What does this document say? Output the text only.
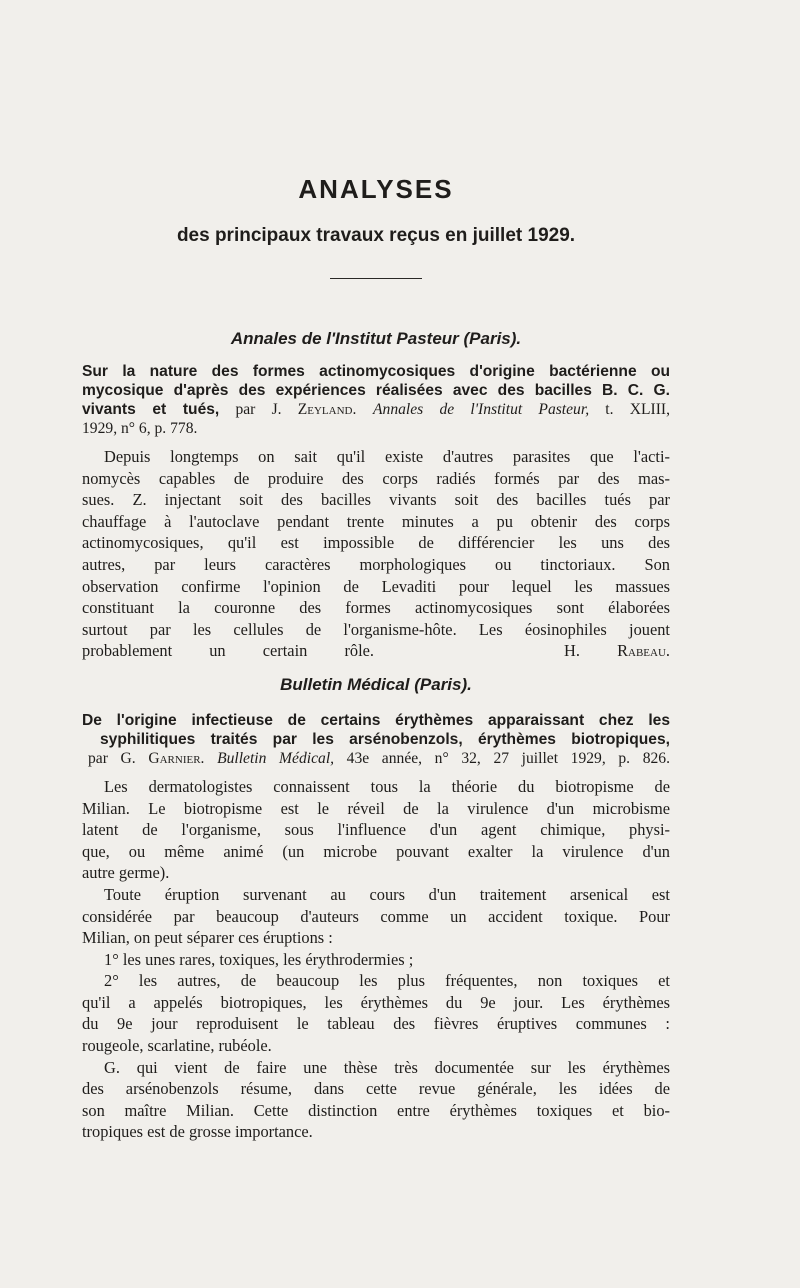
ANALYSES
des principaux travaux reçus en juillet 1929.
Annales de l'Institut Pasteur (Paris).
Sur la nature des formes actinomycosiques d'origine bactérienne ou
mycosique d'après des expériences réalisées avec des bacilles B. C. G.
vivants et tués, par J. Zeyland. Annales de l'Institut Pasteur, t. XLIII,
1929, n° 6, p. 778.

Depuis longtemps on sait qu'il existe d'autres parasites que l'acti-
nomycès capables de produire des corps radiés formés par des mas-
sues. Z. injectant soit des bacilles vivants soit des bacilles tués par
chauffage à l'autoclave pendant trente minutes a pu obtenir des corps
actinomycosiques, qu'il est impossible de différencier les uns des
autres, par leurs caractères morphologiques ou tinctoriaux. Son
observation confirme l'opinion de Levaditi pour lequel les massues
constituant la couronne des formes actinomycosiques sont élaborées
surtout par les cellules de l'organisme-hôte. Les éosinophiles jouent
probablement un certain rôle.	H. Rabeau.

Bulletin Médical (Paris).
De l'origine infectieuse de certains érythèmes apparaissant chez les
syphilitiques traités par les arsénobenzols, érythèmes biotropiques,
par G. Garnier. Bulletin Médical, 43e année, n° 32, 27 juillet 1929, p. 826.

Les dermatologistes connaissent tous la théorie du biotropisme de
Milian. Le biotropisme est le réveil de la virulence d'un microbisme
latent de l'organisme, sous l'influence d'un agent chimique, physi-
que, ou même animé (un microbe pouvant exalter la virulence d'un
autre germe).

Toute éruption survenant au cours d'un traitement arsenical est
considérée par beaucoup d'auteurs comme un accident toxique. Pour
Milian, on peut séparer ces éruptions :

1° les unes rares, toxiques, les érythrodermies ;

2° les autres, de beaucoup les plus fréquentes, non toxiques et
qu'il a appelés biotropiques, les érythèmes du 9e jour. Les érythèmes
du 9e jour reproduisent le tableau des fièvres éruptives communes :
rougeole, scarlatine, rubéole.

G. qui vient de faire une thèse très documentée sur les érythèmes
des arsénobenzols résume, dans cette revue générale, les idées de
son maître Milian. Cette distinction entre érythèmes toxiques et bio-
tropiques est de grosse importance.
